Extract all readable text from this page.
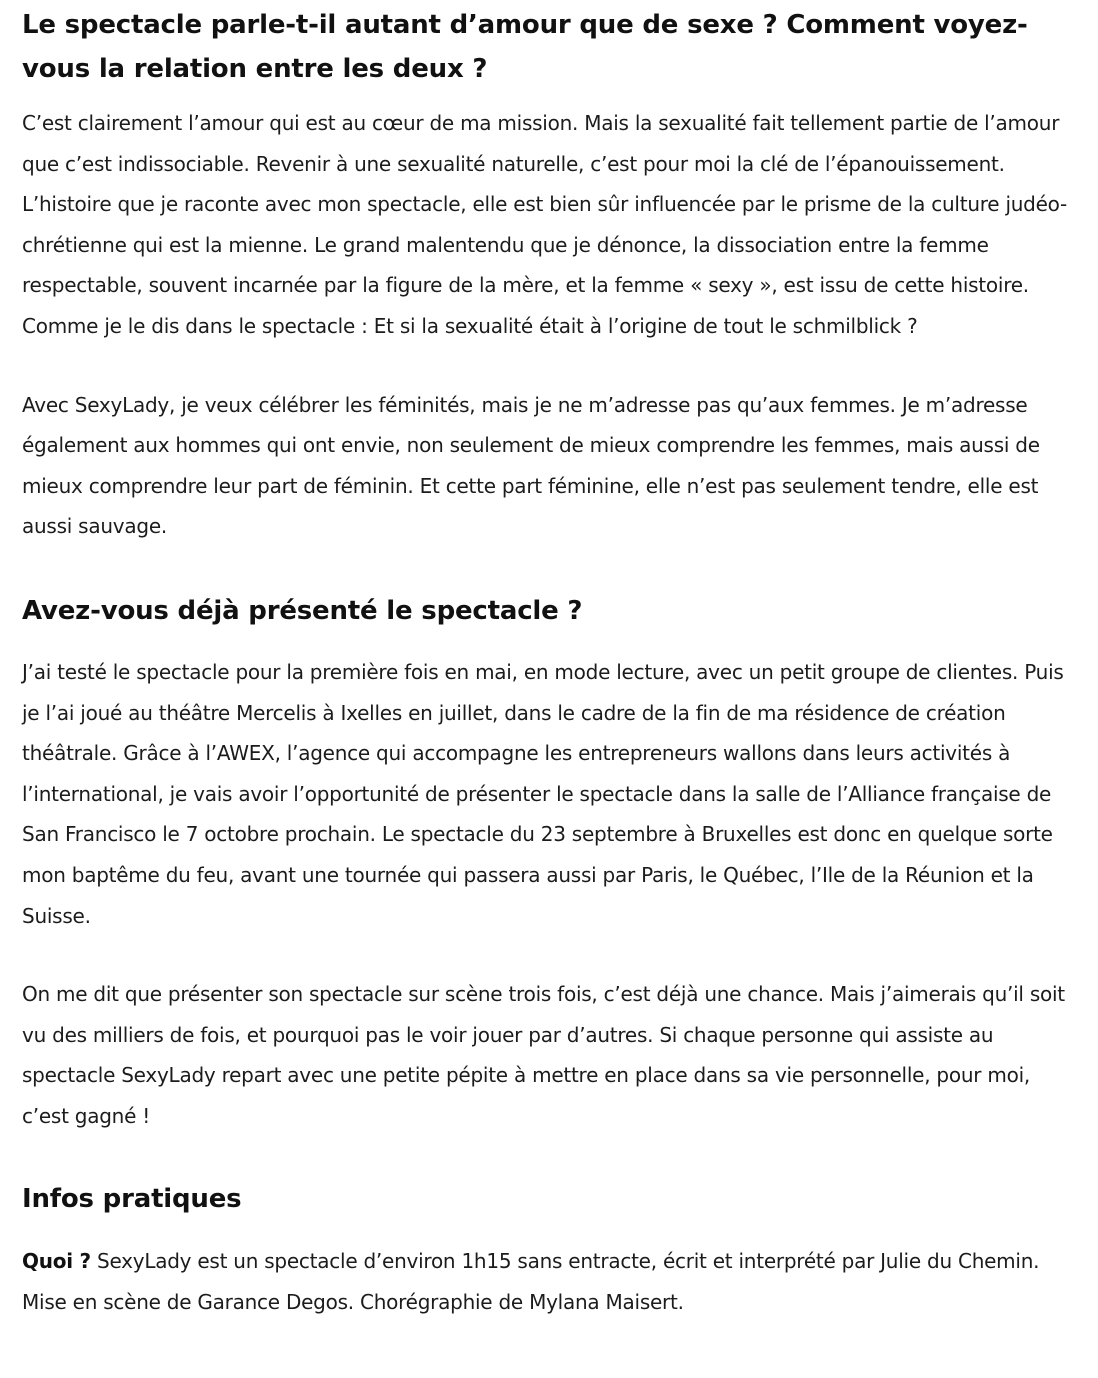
Le spectacle parle-t-il autant d’amour que de sexe ? Comment voyez-vous la relation entre les deux ?

C’est clairement l’amour qui est au cœur de ma mission. Mais la sexualité fait tellement partie de l’amour que c’est indissociable. Revenir à une sexualité naturelle, c’est pour moi la clé de l’épanouissement. L’histoire que je raconte avec mon spectacle, elle est bien sûr influencée par le prisme de la culture judéo-chrétienne qui est la mienne. Le grand malentendu que je dénonce, la dissociation entre la femme respectable, souvent incarnée par la figure de la mère, et la femme « sexy », est issu de cette histoire. Comme je le dis dans le spectacle : Et si la sexualité était à l’origine de tout le schmilblick ?

Avec SexyLady, je veux célébrer les féminités, mais je ne m’adresse pas qu’aux femmes. Je m’adresse également aux hommes qui ont envie, non seulement de mieux comprendre les femmes, mais aussi de mieux comprendre leur part de féminin. Et cette part féminine, elle n’est pas seulement tendre, elle est aussi sauvage.

Avez-vous déjà présenté le spectacle ?

J’ai testé le spectacle pour la première fois en mai, en mode lecture, avec un petit groupe de clientes. Puis je l’ai joué au théâtre Mercelis à Ixelles en juillet, dans le cadre de la fin de ma résidence de création théâtrale. Grâce à l’AWEX, l’agence qui accompagne les entrepreneurs wallons dans leurs activités à l’international, je vais avoir l’opportunité de présenter le spectacle dans la salle de l’Alliance française de San Francisco le 7 octobre prochain. Le spectacle du 23 septembre à Bruxelles est donc en quelque sorte mon baptême du feu, avant une tournée qui passera aussi par Paris, le Québec, l’Ile de la Réunion et la Suisse.

On me dit que présenter son spectacle sur scène trois fois, c’est déjà une chance. Mais j’aimerais qu’il soit vu des milliers de fois, et pourquoi pas le voir jouer par d’autres. Si chaque personne qui assiste au spectacle SexyLady repart avec une petite pépite à mettre en place dans sa vie personnelle, pour moi, c’est gagné !

Infos pratiques

Quoi ? SexyLady est un spectacle d’environ 1h15 sans entracte, écrit et interprété par Julie du Chemin. Mise en scène de Garance Degos. Chorégraphie de Mylana Maisert.
